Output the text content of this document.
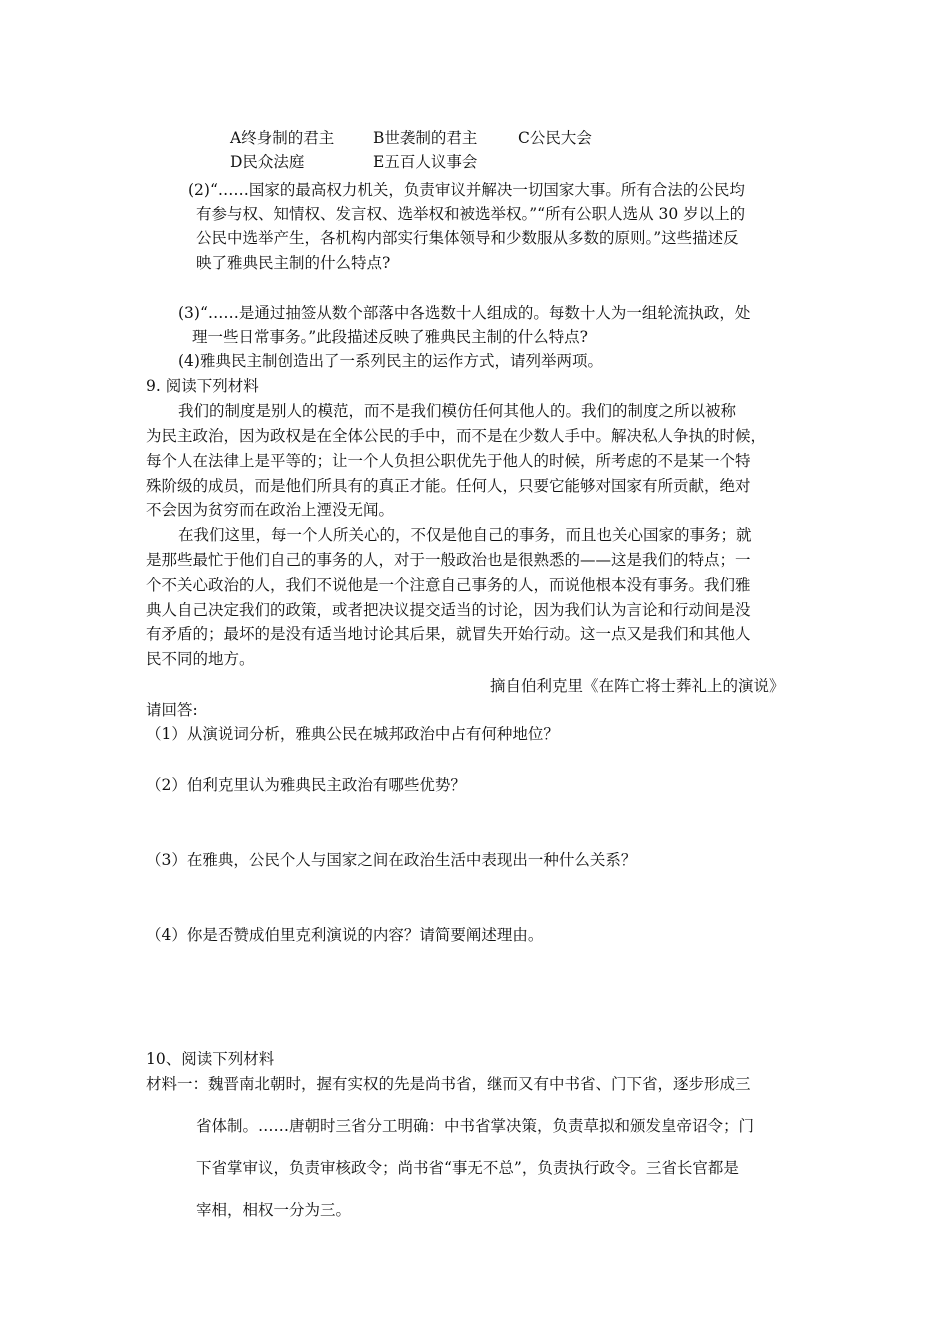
A终身制的君主	B世袭制的君主	C公民大会
D民众法庭	E五百人议事会
(2)“……国家的最高权力机关，负责审议并解决一切国家大事。所有合法的公民均
有参与权、知情权、发言权、选举权和被选举权。”“所有公职人选从 30 岁以上的
公民中选举产生，各机构内部实行集体领导和少数服从多数的原则。”这些描述反
映了雅典民主制的什么特点?
(3)“……是通过抽签从数个部落中各选数十人组成的。每数十人为一组轮流执政，处
理一些日常事务。”此段描述反映了雅典民主制的什么特点?
(4)雅典民主制创造出了一系列民主的运作方式，请列举两项。
9. 阅读下列材料
我们的制度是别人的模范，而不是我们模仿任何其他人的。我们的制度之所以被称
为民主政治，因为政权是在全体公民的手中，而不是在少数人手中。解决私人争执的时候，
每个人在法律上是平等的；让一个人负担公职优先于他人的时候，所考虑的不是某一个特
殊阶级的成员，而是他们所具有的真正才能。任何人，只要它能够对国家有所贡献，绝对
不会因为贫穷而在政治上湮没无闻。
在我们这里，每一个人所关心的，不仅是他自己的事务，而且也关心国家的事务；就
是那些最忙于他们自己的事务的人，对于一般政治也是很熟悉的——这是我们的特点；一
个不关心政治的人，我们不说他是一个注意自己事务的人，而说他根本没有事务。我们雅
典人自己决定我们的政策，或者把决议提交适当的讨论，因为我们认为言论和行动间是没
有矛盾的；最坏的是没有适当地讨论其后果，就冒失开始行动。这一点又是我们和其他人
民不同的地方。
摘自伯利克里《在阵亡将士葬礼上的演说》
请回答:
（1）从演说词分析，雅典公民在城邦政治中占有何种地位？
（2）伯利克里认为雅典民主政治有哪些优势？
（3）在雅典，公民个人与国家之间在政治生活中表现出一种什么关系？
（4）你是否赞成伯里克利演说的内容？请简要阐述理由。
10、阅读下列材料
材料一：魏晋南北朝时，握有实权的先是尚书省，继而又有中书省、门下省，逐步形成三
省体制。……唐朝时三省分工明确：中书省掌决策，负责草拟和颁发皇帝诏令；门
下省掌审议，负责审核政令；尚书省“事无不总”，负责执行政令。三省长官都是
宰相，相权一分为三。
